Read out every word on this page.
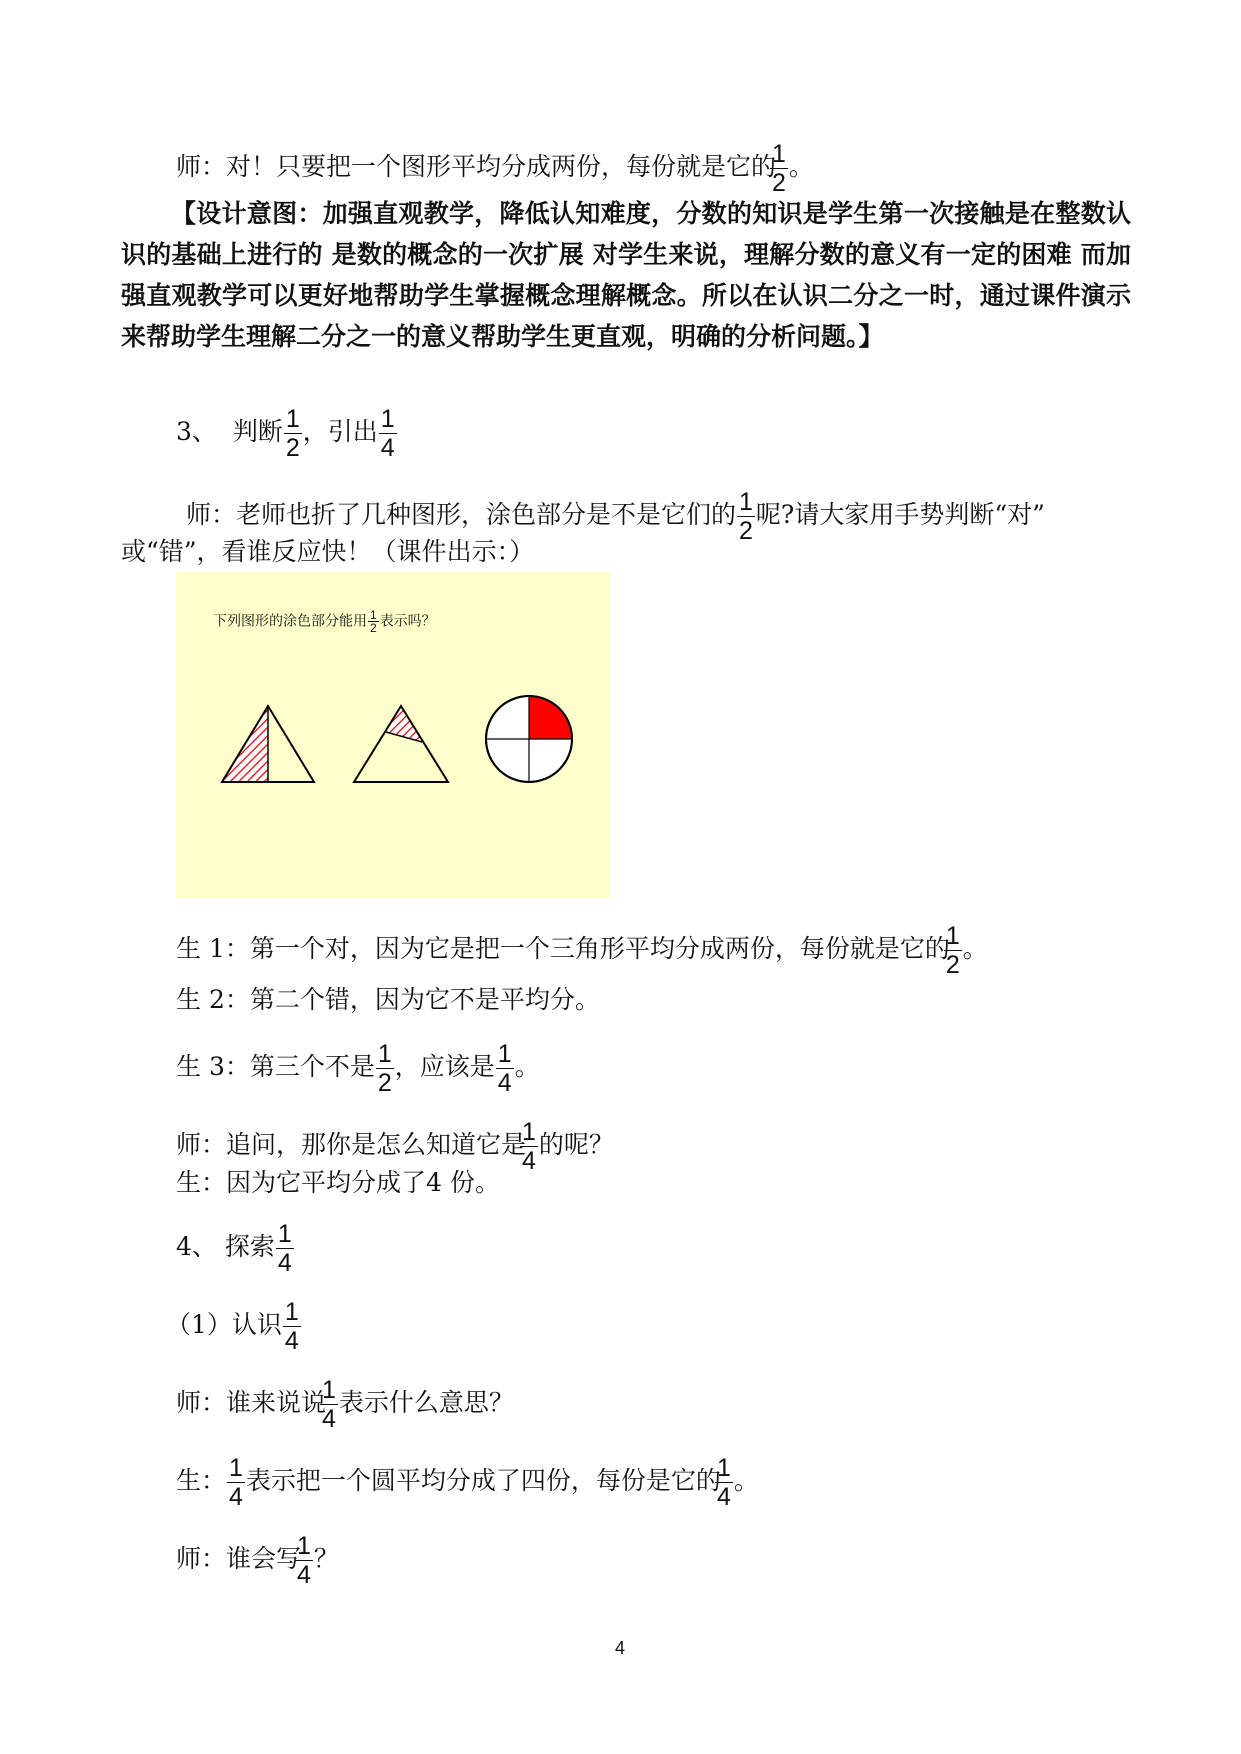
师：对！只要把一个图形平均分成两份，每份就是它的
$\frac{1}{2}$ 。
【设计意图：加强直观教学，降低认知难度，分数的知识是学生第一次接触是在整数认识的基础上进行的 是数的概念的一次扩展 对学生来说，理解分数的意义有一定的困难 而加强直观教学可以更好地帮助学生掌握概念理解概念。所以在认识二分之一时，通过课件演示来帮助学生理解二分之一的意义帮助学生更直观，明确的分析问题。】
3、 判断 $\frac{1}{2}$ ，引出 $\frac{1}{4}$
师：老师也折了几种图形，涂色部分是不是它们的 $\frac{1}{2}$ 呢?请大家用手势判断“对”
或“错”，看谁反应快！（课件出示：）
下列图形的涂色部分能用 $\frac{1}{2}$ 表示吗？
生 1：第一个对，因为它是把一个三角形平均分成两份，每份就是它的
$\frac{1}{2}$ 。
生 2：第二个错，因为它不是平均分。
生 3：第三个不是 $\frac{1}{2}$ ，应该是 $\frac{1}{4}$ 。
师：追问，那你是怎么知道它是
$\frac{1}{4}$ 的呢？
生：因为它平均分成了4 份。
4、 探索 $\frac{1}{4}$
（1）认识 $\frac{1}{4}$
师：谁来说说
$\frac{1}{4}$ 表示什么意思？
生： $\frac{1}{4}$ 表示把一个圆平均分成了四份，每份是它的
$\frac{1}{4}$ 。
师：谁会写
$\frac{1}{4}$ ？
4
